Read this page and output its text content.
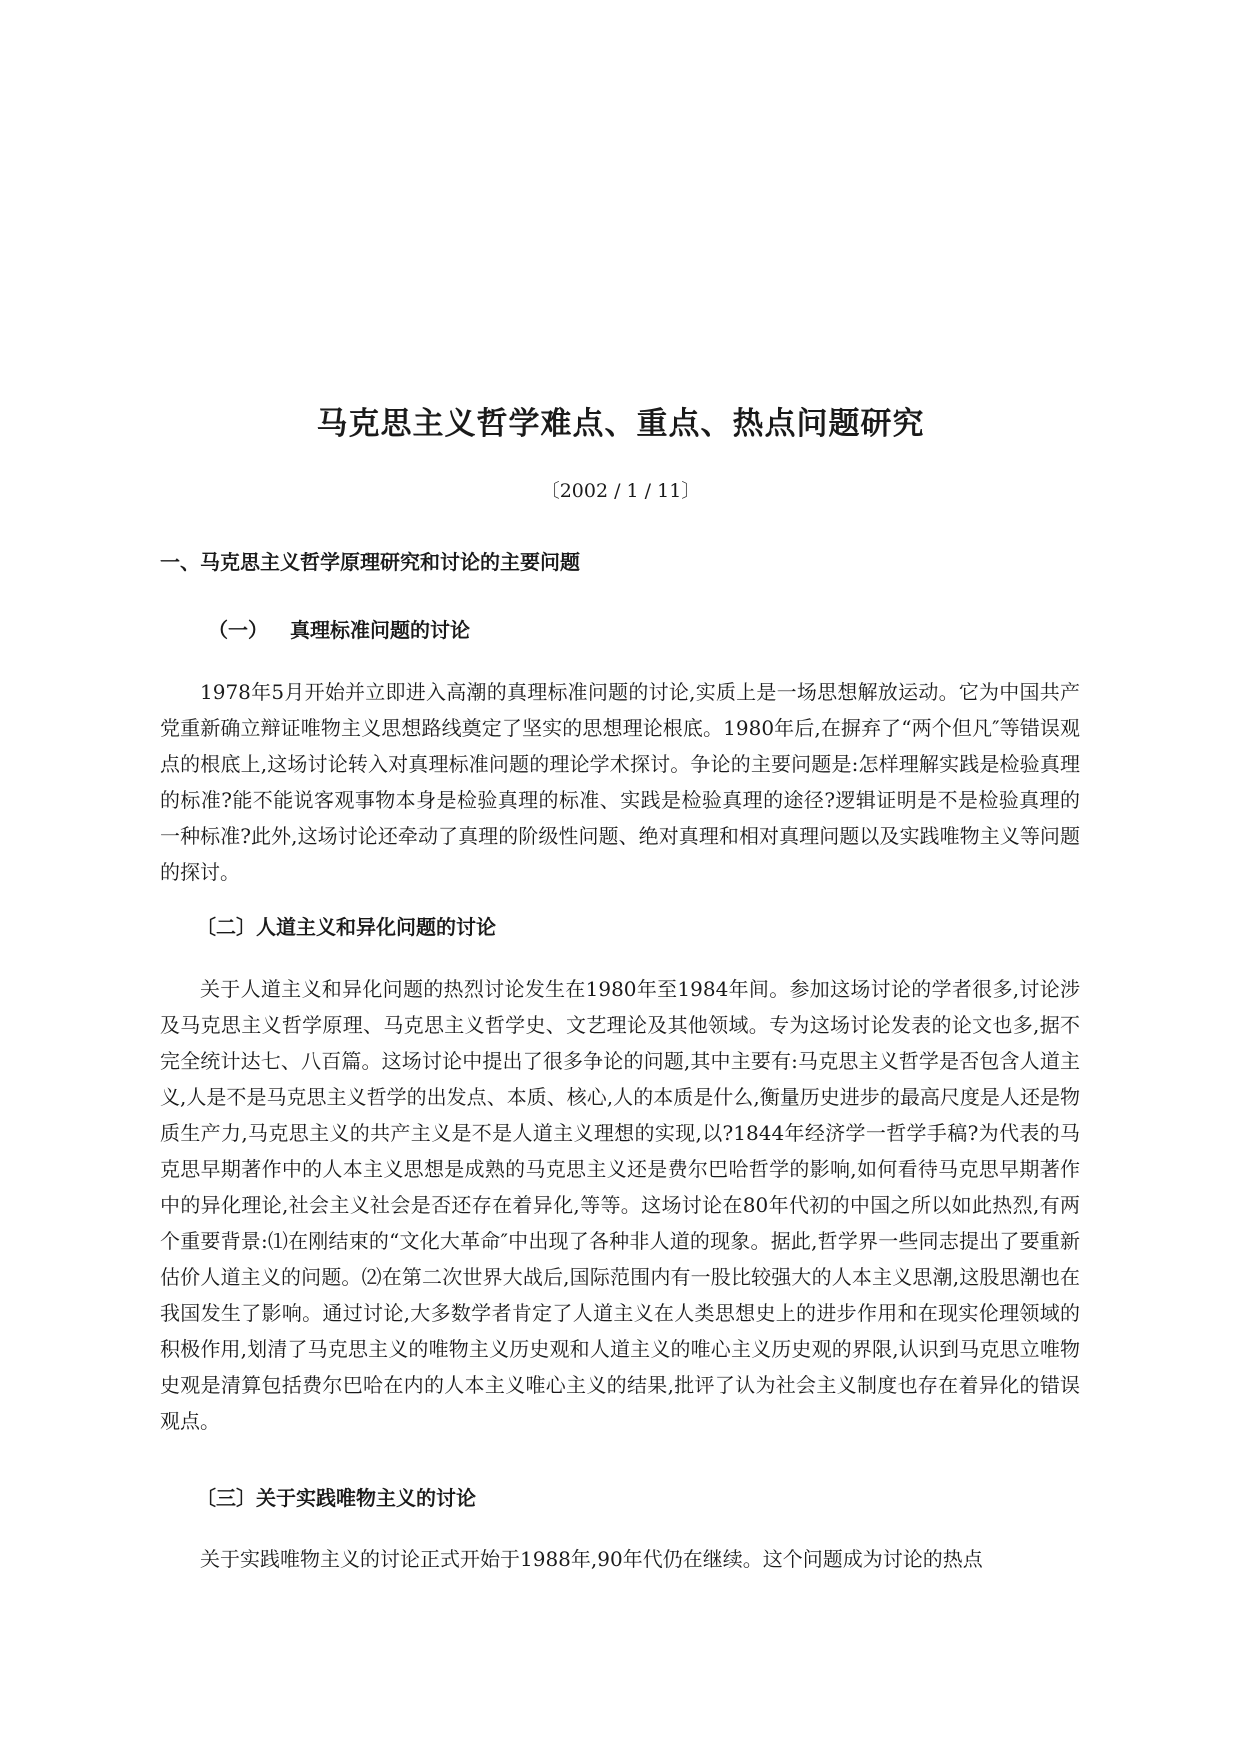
马克思主义哲学难点、重点、热点问题研究

〔2002 / 1 / 11〕

一、马克思主义哲学原理研究和讨论的主要问题
（一） 真理标准问题的讨论

1978年5月开始并立即进入高潮的真理标准问题的讨论,实质上是一场思想解放运动。它为中国共产党重新确立辩证唯物主义思想路线奠定了坚实的思想理论根底。1980年后,在摒弃了“两个但凡″等错误观点的根底上,这场讨论转入对真理标准问题的理论学术探讨。争论的主要问题是:怎样理解实践是检验真理的标准?能不能说客观事物本身是检验真理的标准、实践是检验真理的途径?逻辑证明是不是检验真理的一种标准?此外,这场讨论还牵动了真理的阶级性问题、绝对真理和相对真理问题以及实践唯物主义等问题的探讨。

〔二〕人道主义和异化问题的讨论

关于人道主义和异化问题的热烈讨论发生在1980年至1984年间。参加这场讨论的学者很多,讨论涉及马克思主义哲学原理、马克思主义哲学史、文艺理论及其他领域。专为这场讨论发表的论文也多,据不完全统计达七、八百篇。这场讨论中提出了很多争论的问题,其中主要有:马克思主义哲学是否包含人道主义,人是不是马克思主义哲学的出发点、本质、核心,人的本质是什么,衡量历史进步的最高尺度是人还是物质生产力,马克思主义的共产主义是不是人道主义理想的实现,以?1844年经济学一哲学手稿?为代表的马克思早期著作中的人本主义思想是成熟的马克思主义还是费尔巴哈哲学的影响,如何看待马克思早期著作中的异化理论,社会主义社会是否还存在着异化,等等。这场讨论在80年代初的中国之所以如此热烈,有两个重要背景:⑴在刚结束的“文化大革命″中出现了各种非人道的现象。据此,哲学界一些同志提出了要重新估价人道主义的问题。⑵在第二次世界大战后,国际范围内有一股比较强大的人本主义思潮,这股思潮也在我国发生了影响。通过讨论,大多数学者肯定了人道主义在人类思想史上的进步作用和在现实伦理领域的积极作用,划清了马克思主义的唯物主义历史观和人道主义的唯心主义历史观的界限,认识到马克思立唯物史观是清算包括费尔巴哈在内的人本主义唯心主义的结果,批评了认为社会主义制度也存在着异化的错误观点。

〔三〕关于实践唯物主义的讨论

关于实践唯物主义的讨论正式开始于1988年,90年代仍在继续。这个问题成为讨论的热点
